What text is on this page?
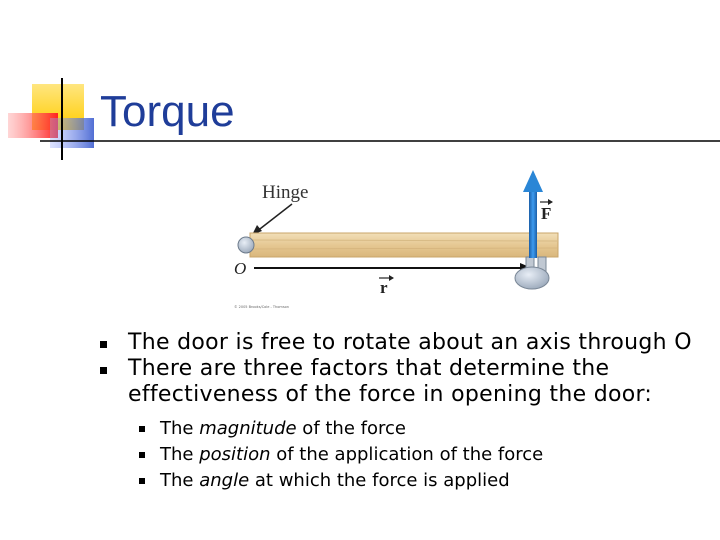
Torque
Hinge
O
r
F
© 2005 Brooks/Cole - Thomson
The door is free to rotate about an axis through O
There are three factors that determine the effectiveness of the force in opening the door:
The magnitude of the force
The position of the application of the force
The angle at which the force is applied
